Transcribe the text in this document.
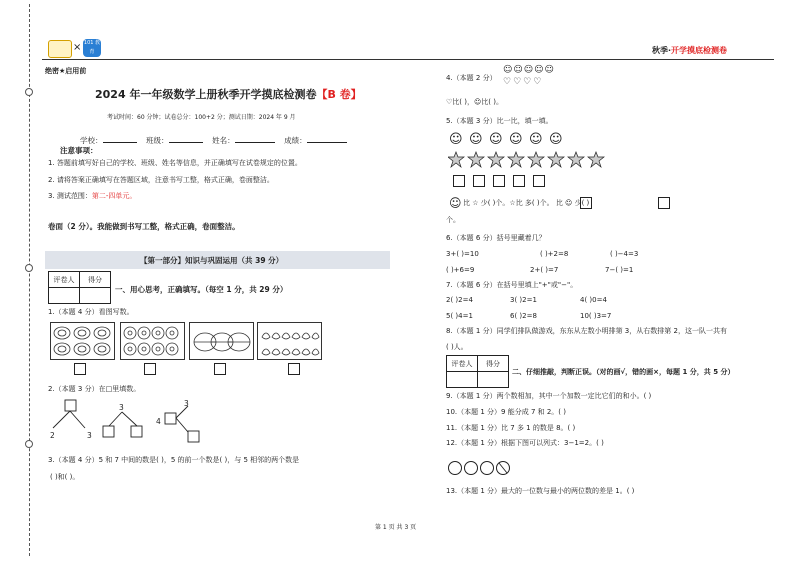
× 101 教育	秋季·开学摸底检测卷
绝密★启用前
2024 年一年级数学上册秋季开学摸底检测卷【B 卷】
考试时间：60 分钟；试卷总分：100+2 分；测试日期：2024 年 9 月
学校：	班级：	姓名：	成绩：
注意事项：
1. 答题前填写好自己的学校、班级、姓名等信息，并正确填写在试卷规定的位置。
2. 请将答案正确填写在答题区域，注意书写工整，格式正确，卷面整洁。
3. 测试范围：第二-四单元。
卷面（2 分）。我能做到书写工整，格式正确，卷面整洁。
【第一部分】知识与巩固运用（共 39 分）
评卷人	得分

一、用心思考，正确填写。（每空 1 分，共 29 分）
1.（本题 4 分）看图写数。
2.（本题 3 分）在□里填数。
2	3
3
4
3
3.（本题 4 分）5 和 7 中间的数是( )，5 的前一个数是( )，与 5 相邻的两个数是
( )和( )。
第 1 页 共 3 页
4.（本题 2 分）
☺☺☺☺☺
♡♡♡♡
♡比( )，☺比( )。
5.（本题 3 分）比一比，填一填。
☺ ☺ ☺ ☺ ☺ ☺
☺ 比 ☆ 少( )个。☆比 多( )个。 比 ☺ 少( )
个。
6.（本题 6 分）括号里藏着几？
3+( )=10	( )+2=8	( )−4=3
( )+6=9	2+( )=7	7−( )=1
7.（本题 6 分）在括号里填上"+"或"−"。
2( )2=4	3( )2=1	4( )0=4
5( )4=1	6( )2=8	10( )3=7
8.（本题 1 分）同学们排队做游戏，东东从左数小明排第 3，从右数排第 2，这一队一共有
( )人。
评卷人	得分

二、仔细推敲，判断正误。（对的画√，错的画×，每题 1 分，共 5 分）
9.（本题 1 分）两个数相加，其中一个加数一定比它们的和小。( )
10.（本题 1 分）9 能分成 7 和 2。( )
11.（本题 1 分）比 7 多 1 的数是 8。( )
12.（本题 1 分）根据下图可以列式：3−1=2。( )
13.（本题 1 分）最大的一位数与最小的两位数的差是 1。( )
